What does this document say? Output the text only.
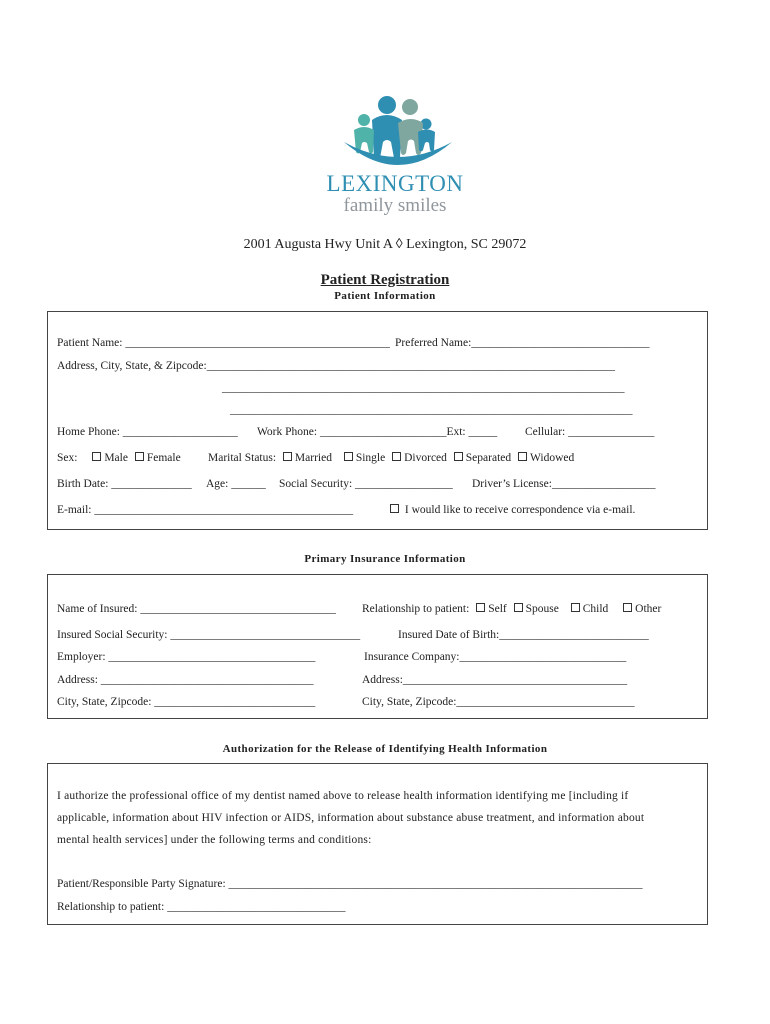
LEXINGTON
family smiles
2001 Augusta Hwy Unit A ◊ Lexington, SC 29072
Patient Registration
Patient Information
Patient Name: ______________________________________________ Preferred Name:_______________________________
Address, City, State, & Zipcode:_______________________________________________________________________
______________________________________________________________________
______________________________________________________________________
Home Phone: ____________________ Work Phone: ______________________Ext: _____ Cellular: _______________
Sex: Male Female Marital Status: Married Single Divorced Separated Widowed
Birth Date: ______________ Age: ______ Social Security: _________________ Driver’s License:__________________
E-mail: _____________________________________________	I would like to receive correspondence via e-mail.
Primary Insurance Information
Name of Insured: __________________________________ Relationship to patient: Self Spouse Child Other
Insured Social Security: _________________________________	Insured Date of Birth:__________________________
Employer: ____________________________________	Insurance Company:_____________________________
Address: _____________________________________	Address:_______________________________________
City, State, Zipcode: ____________________________	City, State, Zipcode:_______________________________
Authorization for the Release of Identifying Health Information
I authorize the professional office of my dentist named above to release health information identifying me [including if
applicable, information about HIV infection or AIDS, information about substance abuse treatment, and information about
mental health services] under the following terms and conditions:
Patient/Responsible Party Signature: ________________________________________________________________________
Relationship to patient: _______________________________
